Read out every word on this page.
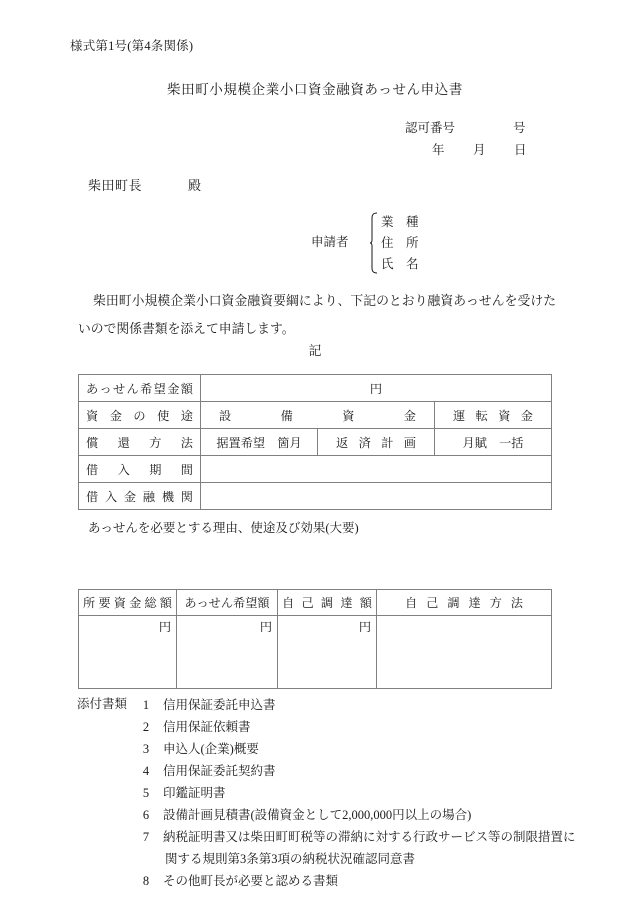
様式第1号(第4条関係)
柴田町小規模企業小口資金融資あっせん申込書
認可番号	号
年 月 日
柴田町長	殿
申請者
業　種
住　所
氏　名
柴田町小規模企業小口資金融資要綱により、下記のとおり融資あっせんを受けたいので関係書類を添えて申請します。
記
あっせん希望金額	円		

資金の使途	設備資金		運転資金

償還方法	据置希望　箇月	返済計画	月賦　一括

借入期間			

借入金融機関			

あっせんを必要とする理由、使途及び効果(大要)
所要資金総額	あっせん希望額	自己調達額	自己調達方法

円	円	円	
添付書類	1	信用保証委託申込書
2	信用保証依頼書
3	申込人(企業)概要
4	信用保証委託契約書
5	印鑑証明書
6	設備計画見積書(設備資金として2,000,000円以上の場合)
7	納税証明書又は柴田町町税等の滞納に対する行政サービス等の制限措置に
関する規則第3条第3項の納税状況確認同意書
8	その他町長が必要と認める書類
